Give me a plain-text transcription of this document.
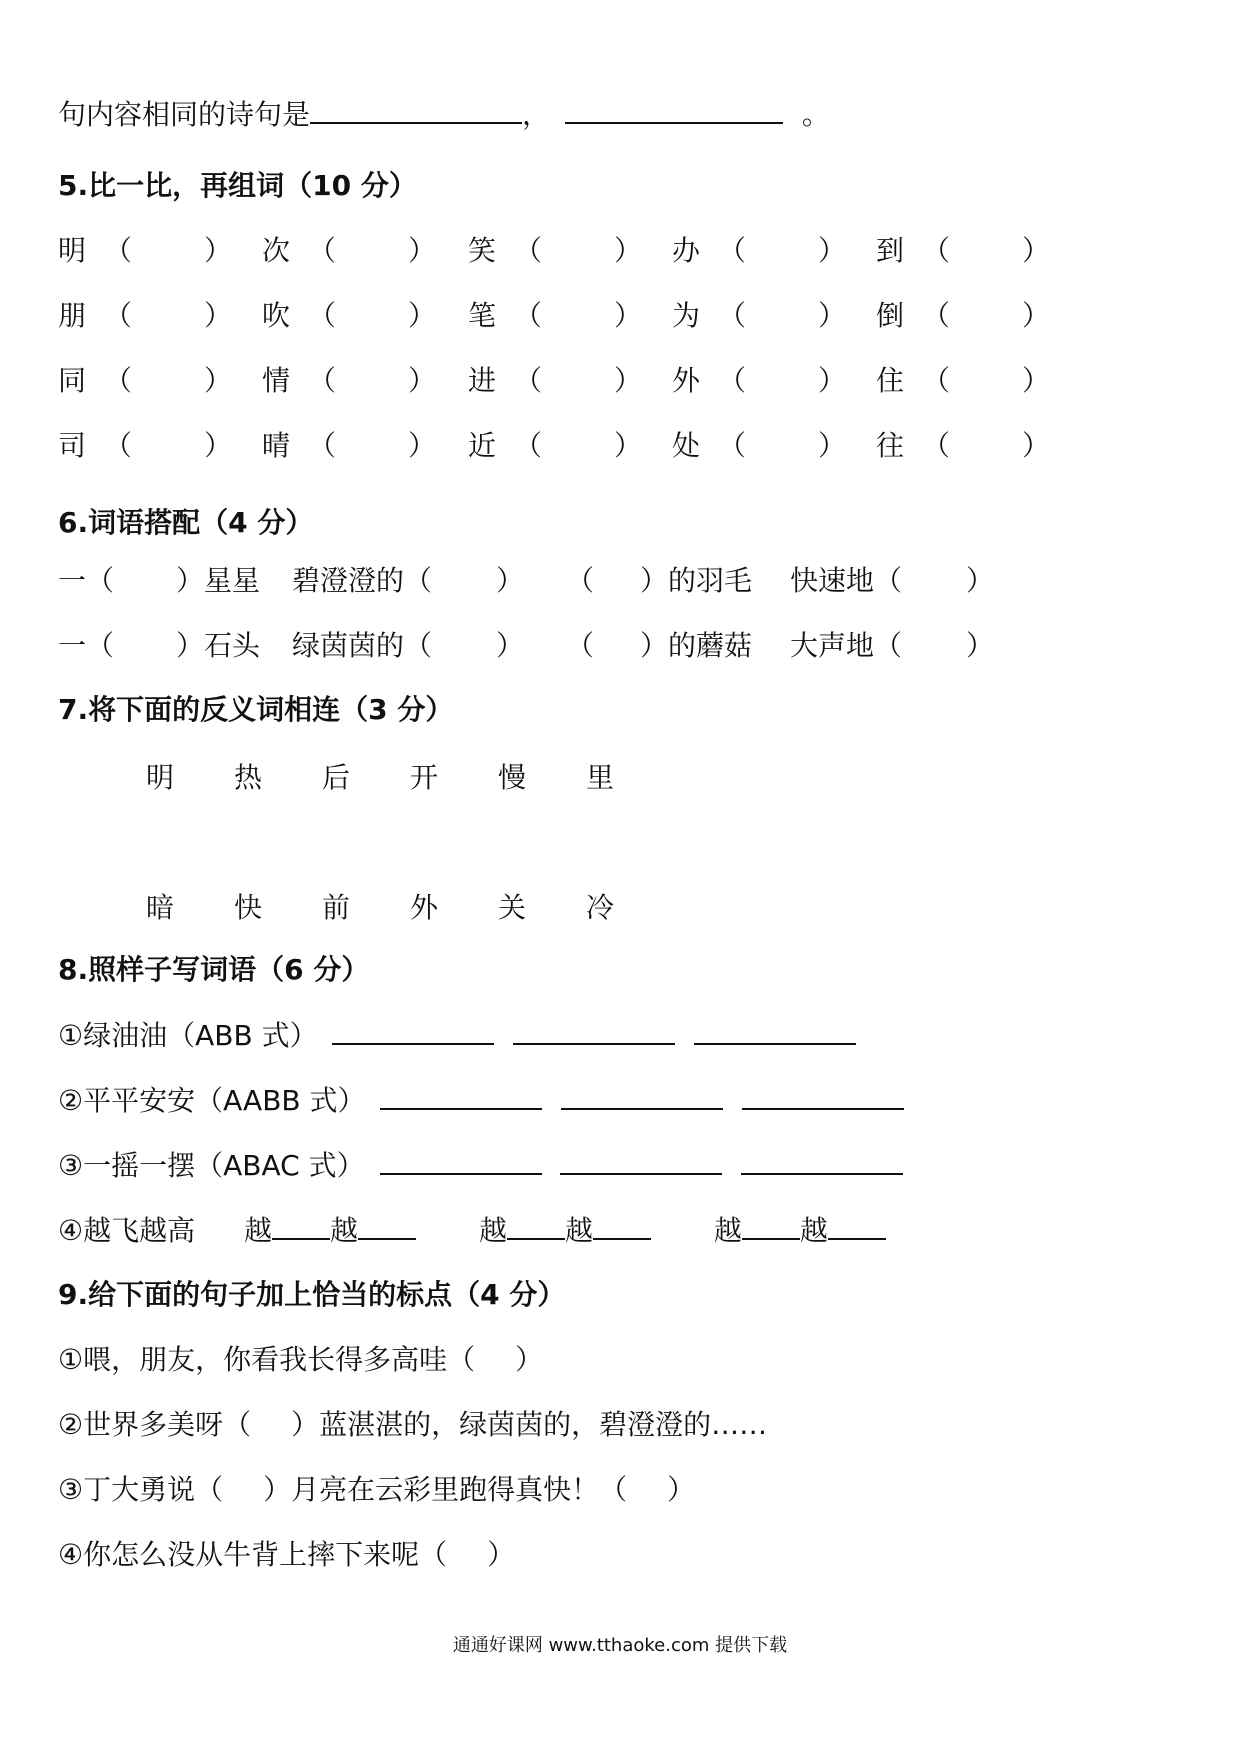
句内容相同的诗句是	，	。
5.比一比，再组词（10 分）
明 （	） 次 （	） 笑 （	） 办 （	） 到 （	）
朋 （	） 吹 （	） 笔 （	） 为 （	） 倒 （	）
同 （	） 情 （	） 进 （	） 外 （	） 住 （	）
司 （	） 晴 （	） 近 （	） 处 （	） 往 （	）
6.词语搭配（4 分）
一（ ）星星 碧澄澄的（ ） （ ）的羽毛 快速地（ ）
一（ ）石头 绿茵茵的（ ） （ ）的蘑菇 大声地（ ）
7.将下面的反义词相连（3 分）
明 热 后 开 慢 里
暗 快 前 外 关 冷
8.照样子写词语（6 分）
①绿油油（ABB 式）
②平平安安（AABB 式）
③一摇一摆（ABAC 式）
④越飞越高 越 越	越 越	越 越
9.给下面的句子加上恰当的标点（4 分）
①喂，朋友，你看我长得多高哇（ ）
②世界多美呀（ ）蓝湛湛的，绿茵茵的，碧澄澄的……
③丁大勇说（ ）月亮在云彩里跑得真快！（ ）
④你怎么没从牛背上摔下来呢（ ）
通通好课网 www.tthaoke.com 提供下载
